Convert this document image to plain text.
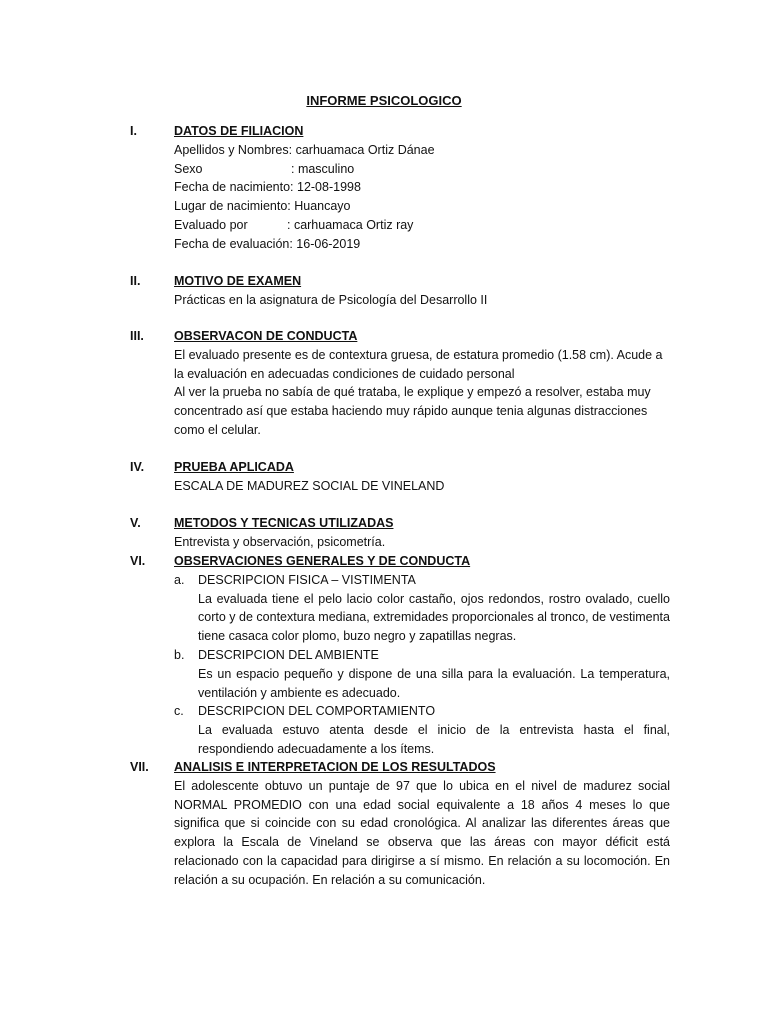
INFORME PSICOLOGICO
I.	DATOS DE FILIACION
Apellidos y Nombres: carhuamaca Ortiz Dánae
Sexo	: masculino
Fecha de nacimiento: 12-08-1998
Lugar de nacimiento: Huancayo
Evaluado por	: carhuamaca Ortiz ray
Fecha de evaluación: 16-06-2019
II.	MOTIVO DE EXAMEN
Prácticas en la asignatura de Psicología del Desarrollo II
III. OBSERVACON DE CONDUCTA
El evaluado presente es de contextura gruesa, de estatura promedio (1.58 cm). Acude a la evaluación en adecuadas condiciones de cuidado personal
Al ver la prueba no sabía de qué trataba, le explique y empezó a resolver, estaba muy concentrado así que estaba haciendo muy rápido aunque tenia algunas distracciones como el celular.
IV. PRUEBA APLICADA
ESCALA DE MADUREZ SOCIAL DE VINELAND
V.	METODOS Y TECNICAS UTILIZADAS
Entrevista y observación, psicometría.
VI. OBSERVACIONES GENERALES Y DE CONDUCTA
a. DESCRIPCION FISICA – VISTIMENTA
La evaluada tiene el pelo lacio color castaño, ojos redondos, rostro ovalado, cuello corto y de contextura mediana, extremidades proporcionales al tronco, de vestimenta tiene casaca color plomo, buzo negro y zapatillas negras.
b. DESCRIPCION DEL AMBIENTE
Es un espacio pequeño y dispone de una silla para la evaluación. La temperatura, ventilación y ambiente es adecuado.
c. DESCRIPCION DEL COMPORTAMIENTO
La evaluada estuvo atenta desde el inicio de la entrevista hasta el final, respondiendo adecuadamente a los ítems.
VII. ANALISIS E INTERPRETACION DE LOS RESULTADOS
El adolescente obtuvo un puntaje de 97 que lo ubica en el nivel de madurez social NORMAL PROMEDIO con una edad social equivalente a 18 años 4 meses lo que significa que si coincide con su edad cronológica. Al analizar las diferentes áreas que explora la Escala de Vineland se observa que las áreas con mayor déficit está relacionado con la capacidad para dirigirse a sí mismo. En relación a su locomoción. En relación a su ocupación. En relación a su comunicación.
